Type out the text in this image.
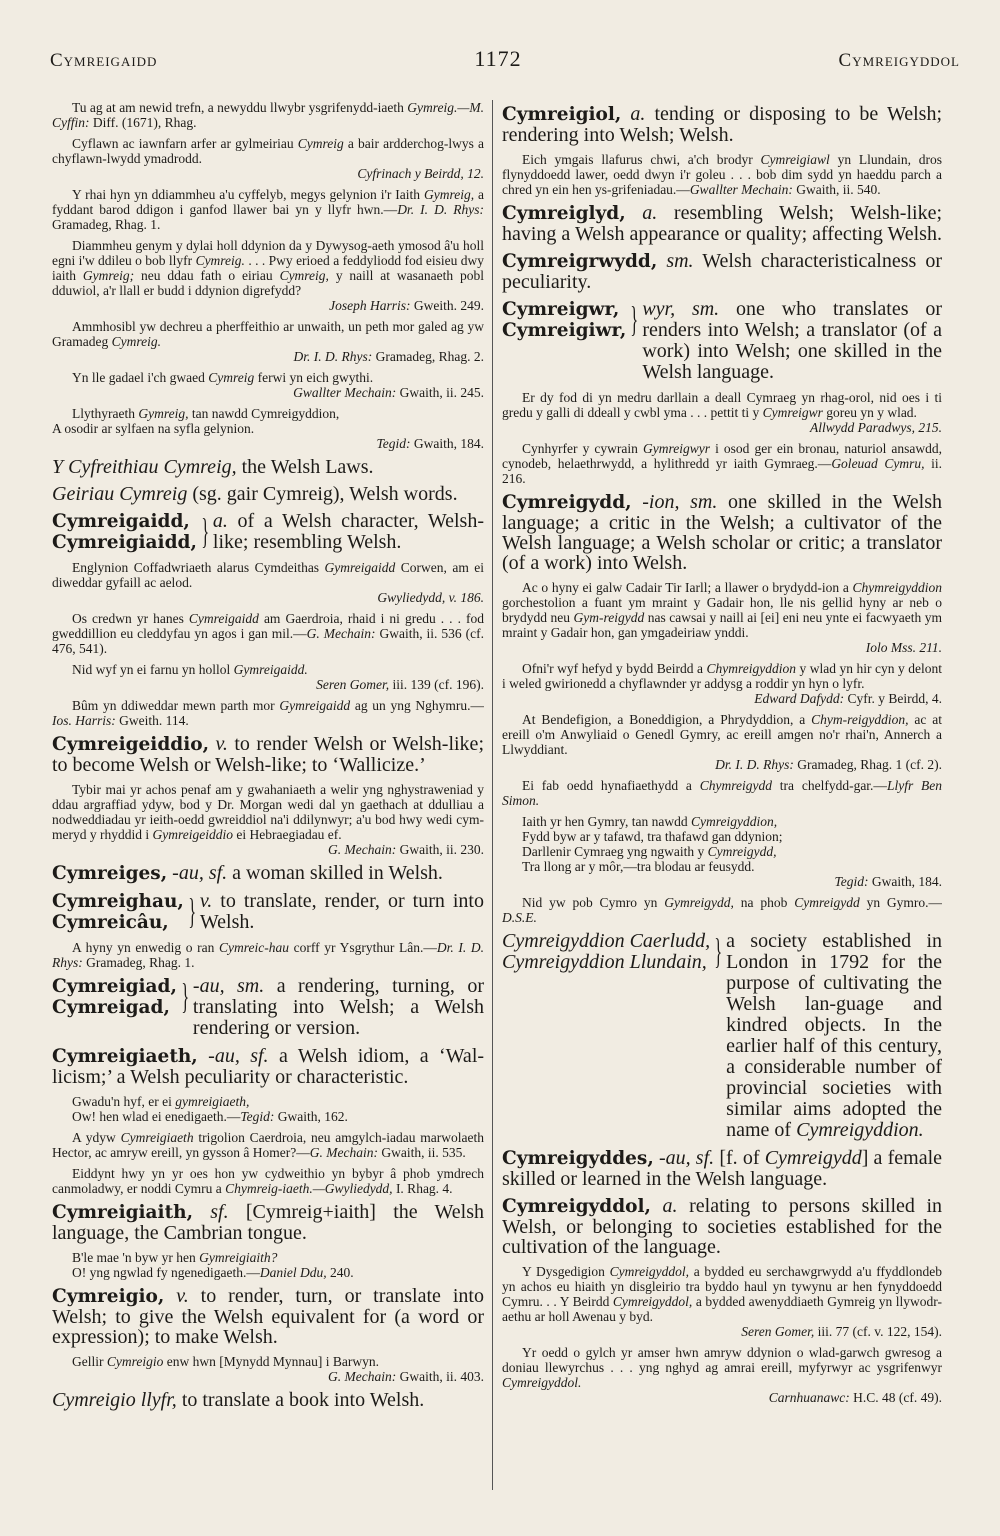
Cymreigaidd	1172	Cymreigyddol

Tu ag at am newid trefn, a newyddu llwybr ysgrifenydd-iaeth Gymreig.—M. Cyffin: Diff. (1671), Rhag.

Cyflawn ac iawnfarn arfer ar gylmeiriau Cymreig a bair ardderchog-lwys a chyflawn-lwydd ymadrodd.
Cyfrinach y Beirdd, 12.

Y rhai hyn yn ddiammheu a'u cyffelyb, megys gelynion i'r Iaith Gymreig, a fyddant barod ddigon i ganfod llawer bai yn y llyfr hwn.—Dr. I. D. Rhys: Gramadeg, Rhag. 1.

Diammheu genym y dylai holl ddynion da y Dywysog-aeth ymosod â'u holl egni i'w ddileu o bob llyfr Cymreig. . . . Pwy erioed a feddyliodd fod eisieu dwy iaith Gymreig; neu ddau fath o eiriau Cymreig, y naill at wasanaeth pobl dduwiol, a'r llall er budd i ddynion digrefydd?
Joseph Harris: Gweith. 249.

Ammhosibl yw dechreu a pherffeithio ar unwaith, un peth mor galed ag yw Gramadeg Cymreig.
Dr. I. D. Rhys: Gramadeg, Rhag. 2.

Yn lle gadael i'ch gwaed Cymreig ferwi yn eich gwythi.
Gwallter Mechain: Gwaith, ii. 245.

Llythyraeth Gymreig, tan nawdd Cymreigyddion,
A osodir ar sylfaen na syfla gelynion.
Tegid: Gwaith, 184.

Y Cyfreithiau Cymreig, the Welsh Laws.
Geiriau Cymreig (sg. gair Cymreig), Welsh words.
Cymreigaidd,
Cymreigiaidd, } a. of a Welsh character, Welsh-like; resembling Welsh.

Englynion Coffadwriaeth alarus Cymdeithas Gymreigaidd Corwen, am ei diweddar gyfaill ac aelod.
Gwyliedydd, v. 186.

Os credwn yr hanes Cymreigaidd am Gaerdroia, rhaid i ni gredu . . . fod gweddillion eu cleddyfau yn agos i gan mil.—G. Mechain: Gwaith, ii. 536 (cf. 476, 541).

Nid wyf yn ei farnu yn hollol Gymreigaidd.
Seren Gomer, iii. 139 (cf. 196).

Bûm yn ddiweddar mewn parth mor Gymreigaidd ag un yng Nghymru.—Ios. Harris: Gweith. 114.

Cymreigeiddio, v. to render Welsh or Welsh-like; to become Welsh or Welsh-like; to ‘Wallicize.’

Tybir mai yr achos penaf am y gwahaniaeth a welir yng nghystraweniad y ddau argraffiad ydyw, bod y Dr. Morgan wedi dal yn gaethach at ddulliau a nodweddiadau yr ieith-oedd gwreiddiol na'i ddilynwyr; a'u bod hwy wedi cym-meryd y rhyddid i Gymreigeiddio ei Hebraegiadau ef.
G. Mechain: Gwaith, ii. 230.

Cymreiges, -au, sf. a woman skilled in Welsh.
Cymreighau,
Cymreicâu, } v. to translate, render, or turn into Welsh.

A hyny yn enwedig o ran Cymreic-hau corff yr Ysgrythur Lân.—Dr. I. D. Rhys: Gramadeg, Rhag. 1.

Cymreigiad,
Cymreigad, } -au, sm. a rendering, turning, or translating into Welsh; a Welsh rendering or version.
Cymreigiaeth, -au, sf. a Welsh idiom, a ‘Wal-licism;’ a Welsh peculiarity or characteristic.

Gwadu'n hyf, er ei gymreigiaeth,
Ow! hen wlad ei enedigaeth.—Tegid: Gwaith, 162.

A ydyw Cymreigiaeth trigolion Caerdroia, neu amgylch-iadau marwolaeth Hector, ac amryw ereill, yn gysson â Homer?—G. Mechain: Gwaith, ii. 535.

Eiddynt hwy yn yr oes hon yw cydweithio yn bybyr â phob ymdrech canmoladwy, er noddi Cymru a Chymreig-iaeth.—Gwyliedydd, I. Rhag. 4.

Cymreigiaith, sf. [Cymreig+iaith] the Welsh language, the Cambrian tongue.

B'le mae 'n byw yr hen Gymreigiaith?
O! yng ngwlad fy ngenedigaeth.—Daniel Ddu, 240.

Cymreigio, v. to render, turn, or translate into Welsh; to give the Welsh equivalent for (a word or expression); to make Welsh.

Gellir Cymreigio enw hwn [Mynydd Mynnau] i Barwyn.
G. Mechain: Gwaith, ii. 403.

Cymreigio llyfr, to translate a book into Welsh.
Cymreigiol, a. tending or disposing to be Welsh; rendering into Welsh; Welsh.

Eich ymgais llafurus chwi, a'ch brodyr Cymreigiawl yn Llundain, dros flynyddoedd lawer, oedd dwyn i'r goleu . . . bob dim sydd yn haeddu parch a chred yn ein hen ys-grifeniadau.—Gwallter Mechain: Gwaith, ii. 540.

Cymreiglyd, a. resembling Welsh; Welsh-like; having a Welsh appearance or quality; affecting Welsh.
Cymreigrwydd, sm. Welsh characteristicalness or peculiarity.
Cymreigwr,
Cymreigiwr, } wyr, sm. one who translates or renders into Welsh; a translator (of a work) into Welsh; one skilled in the Welsh language.

Er dy fod di yn medru darllain a deall Cymraeg yn rhag-orol, nid oes i ti gredu y galli di ddeall y cwbl yma . . . pettit ti y Cymreigwr goreu yn y wlad.
Allwydd Paradwys, 215.

Cynhyrfer y cywrain Gymreigwyr i osod ger ein bronau, naturiol ansawdd, cynodeb, helaethrwydd, a hylithredd yr iaith Gymraeg.—Goleuad Cymru, ii. 216.

Cymreigydd, -ion, sm. one skilled in the Welsh language; a critic in the Welsh; a cultivator of the Welsh language; a Welsh scholar or critic; a translator (of a work) into Welsh.

Ac o hyny ei galw Cadair Tir Iarll; a llawer o brydydd-ion a Chymreigyddion gorchestolion a fuant ym mraint y Gadair hon, lle nis gellid hyny ar neb o brydydd neu Gym-reigydd nas cawsai y naill ai [ei] eni neu ynte ei facwyaeth ym mraint y Gadair hon, gan ymgadeiriaw ynddi.
Iolo Mss. 211.

Ofni'r wyf hefyd y bydd Beirdd a Chymreigyddion y wlad yn hir cyn y delont i weled gwirionedd a chyflawnder yr addysg a roddir yn hyn o lyfr.
Edward Dafydd: Cyfr. y Beirdd, 4.

At Bendefigion, a Boneddigion, a Phrydyddion, a Chym-reigyddion, ac at ereill o'm Anwyliaid o Genedl Gymry, ac ereill amgen no'r rhai'n, Annerch a Llwyddiant.
Dr. I. D. Rhys: Gramadeg, Rhag. 1 (cf. 2).

Ei fab oedd hynafiaethydd a Chymreigydd tra chelfydd-gar.—Llyfr Ben Simon.

Iaith yr hen Gymry, tan nawdd Cymreigyddion,
Fydd byw ar y tafawd, tra thafawd gan ddynion;
Darllenir Cymraeg yng ngwaith y Cymreigydd,
Tra llong ar y môr,—tra blodau ar feusydd.
Tegid: Gwaith, 184.

Nid yw pob Cymro yn Gymreigydd, na phob Cymreigydd yn Gymro.—D.S.E.

Cymreigyddion Caerludd,
Cymreigyddion Llundain, } a society established in London in 1792 for the purpose of cultivating the Welsh lan-guage and kindred objects. In the earlier half of this century, a considerable number of provincial societies with similar aims adopted the name of Cymreigyddion.
Cymreigyddes, -au, sf. [f. of Cymreigydd] a female skilled or learned in the Welsh language.
Cymreigyddol, a. relating to persons skilled in Welsh, or belonging to societies established for the cultivation of the language.

Y Dysgedigion Cymreigyddol, a bydded eu serchawgrwydd a'u ffyddlondeb yn achos eu hiaith yn disgleirio tra byddo haul yn tywynu ar hen fynyddoedd Cymru. . . Y Beirdd Cymreigyddol, a bydded awenyddiaeth Gymreig yn llywodr-aethu ar holl Awenau y byd.
Seren Gomer, iii. 77 (cf. v. 122, 154).

Yr oedd o gylch yr amser hwn amryw ddynion o wlad-garwch gwresog a doniau llewyrchus . . . yng nghyd ag amrai ereill, myfyrwyr ac ysgrifenwyr Cymreigyddol.
Carnhuanawc: H.C. 48 (cf. 49).
